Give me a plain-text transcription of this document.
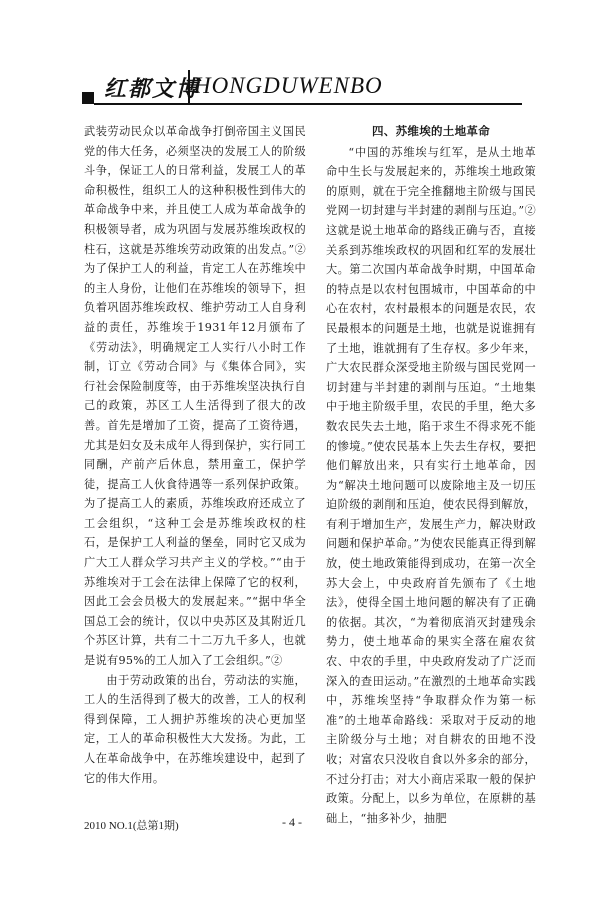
红都文博
HONGDUWENBO

武装劳动民众以革命战争打倒帝国主义国民党的伟大任务，必须坚决的发展工人的阶级斗争，保证工人的日常利益，发展工人的革命积极性，组织工人的这种积极性到伟大的革命战争中来，并且使工人成为革命战争的积极领导者，成为巩固与发展苏维埃政权的柱石，这就是苏维埃劳动政策的出发点。”②为了保护工人的利益，肯定工人在苏维埃中的主人身份，让他们在苏维埃的领导下，担负着巩固苏维埃政权、维护劳动工人自身利益的责任，苏维埃于1931年12月颁布了《劳动法》，明确规定工人实行八小时工作制，订立《劳动合同》与《集体合同》，实行社会保险制度等，由于苏维埃坚决执行自己的政策，苏区工人生活得到了很大的改善。首先是增加了工资，提高了工资待遇，尤其是妇女及未成年人得到保护，实行同工同酬，产前产后休息，禁用童工，保护学徒，提高工人伙食待遇等一系列保护政策。为了提高工人的素质，苏维埃政府还成立了工会组织，“这种工会是苏维埃政权的柱石，是保护工人利益的堡垒，同时它又成为广大工人群众学习共产主义的学校。”“由于苏维埃对于工会在法律上保障了它的权利，因此工会会员极大的发展起来。”“据中华全国总工会的统计，仅以中央苏区及其附近几个苏区计算，共有二十二万九千多人，也就是说有95%的工人加入了工会组织。”②

由于劳动政策的出台，劳动法的实施，工人的生活得到了极大的改善，工人的权利得到保障，工人拥护苏维埃的决心更加坚定，工人的革命积极性大大发扬。为此，工人在革命战争中，在苏维埃建设中，起到了它的伟大作用。

四、苏维埃的土地革命

“中国的苏维埃与红军，是从土地革命中生长与发展起来的，苏维埃土地政策的原则，就在于完全推翻地主阶级与国民党网一切封建与半封建的剥削与压迫。”②这就是说土地革命的路线正确与否，直接关系到苏维埃政权的巩固和红军的发展壮大。第二次国内革命战争时期，中国革命的特点是以农村包围城市，中国革命的中心在农村，农村最根本的问题是农民，农民最根本的问题是土地，也就是说谁拥有了土地，谁就拥有了生存权。多少年来，广大农民群众深受地主阶级与国民党网一切封建与半封建的剥削与压迫。“土地集中于地主阶级手里，农民的手里，绝大多数农民失去土地，陷于求生不得求死不能的惨境。”使农民基本上失去生存权，要把他们解放出来，只有实行土地革命，因为“解决土地问题可以废除地主及一切压迫阶级的剥削和压迫，使农民得到解放，有利于增加生产，发展生产力，解决财政问题和保护革命。”为使农民能真正得到解放，使土地政策能得到成功，在第一次全苏大会上，中央政府首先颁布了《土地法》，使得全国土地问题的解决有了正确的依据。其次，“为着彻底消灭封建残余势力，使土地革命的果实全落在雇农贫农、中农的手里，中央政府发动了广泛而深入的查田运动。”在激烈的土地革命实践中，苏维埃坚持“争取群众作为第一标准”的土地革命路线：采取对于反动的地主阶级分与土地；对自耕农的田地不没收；对富农只没收自食以外多余的部分，不过分打击；对大小商店采取一般的保护政策。分配上，以乡为单位，在原耕的基础上，“抽多补少，抽肥

2010 NO.1(总第1期)	- 4 -
